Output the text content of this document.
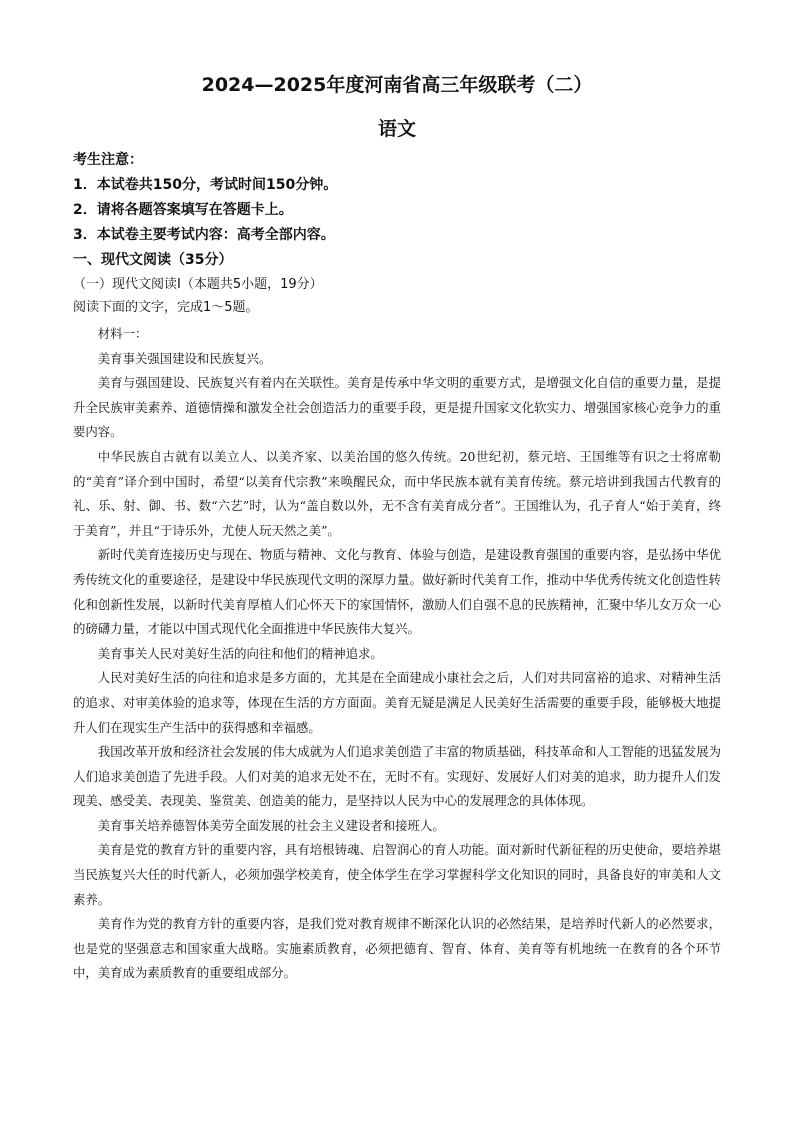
2024—2025年度河南省高三年级联考（二）
语文
考生注意：
1．本试卷共150分，考试时间150分钟。
2．请将各题答案填写在答题卡上。
3．本试卷主要考试内容：高考全部内容。
一、现代文阅读（35分）
（一）现代文阅读Ⅰ（本题共5小题，19分）
阅读下面的文字，完成1～5题。

材料一：

美育事关强国建设和民族复兴。

美育与强国建设、民族复兴有着内在关联性。美育是传承中华文明的重要方式，是增强文化自信的重要力量，是提升全民族审美素养、道德情操和激发全社会创造活力的重要手段，更是提升国家文化软实力、增强国家核心竞争力的重要内容。

中华民族自古就有以美立人、以美齐家、以美治国的悠久传统。20世纪初，蔡元培、王国维等有识之士将席勒的“美育”译介到中国时，希望“以美育代宗教”来唤醒民众，而中华民族本就有美育传统。蔡元培讲到我国古代教育的礼、乐、射、御、书、数“六艺”时，认为“盖自数以外，无不含有美育成分者”。王国维认为，孔子育人“始于美育，终于美育”，并且“于诗乐外，尤使人玩天然之美”。

新时代美育连接历史与现在、物质与精神、文化与教育、体验与创造，是建设教育强国的重要内容，是弘扬中华优秀传统文化的重要途径，是建设中华民族现代文明的深厚力量。做好新时代美育工作，推动中华优秀传统文化创造性转化和创新性发展，以新时代美育厚植人们心怀天下的家国情怀，激励人们自强不息的民族精神，汇聚中华儿女万众一心的磅礴力量，才能以中国式现代化全面推进中华民族伟大复兴。

美育事关人民对美好生活的向往和他们的精神追求。

人民对美好生活的向往和追求是多方面的，尤其是在全面建成小康社会之后，人们对共同富裕的追求、对精神生活的追求、对审美体验的追求等，体现在生活的方方面面。美育无疑是满足人民美好生活需要的重要手段，能够极大地提升人们在现实生产生活中的获得感和幸福感。

我国改革开放和经济社会发展的伟大成就为人们追求美创造了丰富的物质基础，科技革命和人工智能的迅猛发展为人们追求美创造了先进手段。人们对美的追求无处不在，无时不有。实现好、发展好人们对美的追求，助力提升人们发现美、感受美、表现美、鉴赏美、创造美的能力，是坚持以人民为中心的发展理念的具体体现。

美育事关培养德智体美劳全面发展的社会主义建设者和接班人。

美育是党的教育方针的重要内容，具有培根铸魂、启智润心的育人功能。面对新时代新征程的历史使命，要培养堪当民族复兴大任的时代新人，必须加强学校美育，使全体学生在学习掌握科学文化知识的同时，具备良好的审美和人文素养。

美育作为党的教育方针的重要内容，是我们党对教育规律不断深化认识的必然结果，是培养时代新人的必然要求，也是党的坚强意志和国家重大战略。实施素质教育，必须把德育、智育、体育、美育等有机地统一在教育的各个环节中，美育成为素质教育的重要组成部分。
